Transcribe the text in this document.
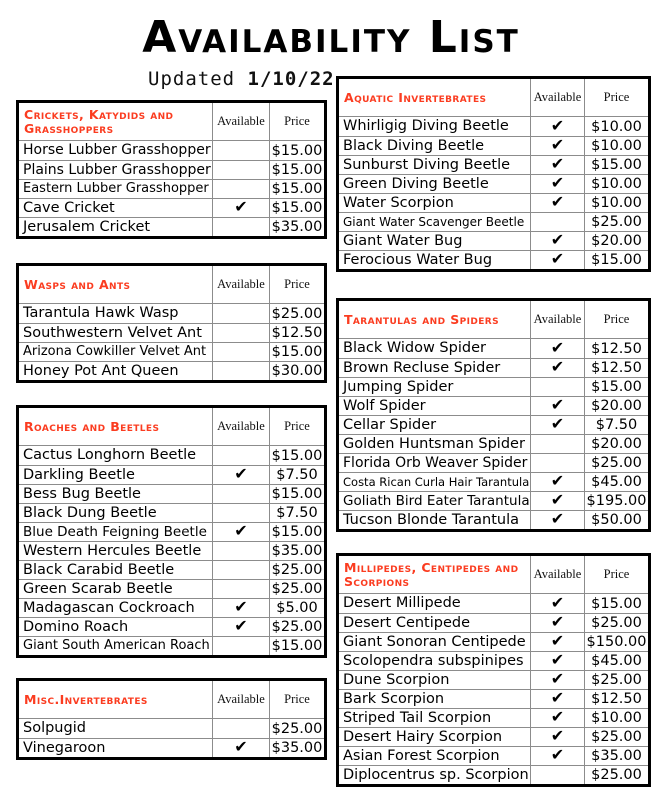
Availability List
Updated 1/10/22
Crickets, Katydids and Grasshoppers	Available	Price
Horse Lubber Grasshopper	$15.00
Plains Lubber Grasshopper	$15.00
Eastern Lubber Grasshopper	$15.00
Cave Cricket	✔ $15.00
Jerusalem Cricket	$35.00
Wasps and Ants	Available	Price
Tarantula Hawk Wasp	$25.00
Southwestern Velvet Ant	$12.50
Arizona Cowkiller Velvet Ant	$15.00
Honey Pot Ant Queen	$30.00
Roaches and Beetles	Available	Price
Cactus Longhorn Beetle	$15.00
Darkling Beetle	✔	$7.50
Bess Bug Beetle	$15.00
Black Dung Beetle	$7.50
Blue Death Feigning Beetle	✔ $15.00
Western Hercules Beetle	$35.00
Black Carabid Beetle	$25.00
Green Scarab Beetle	$25.00
Madagascan Cockroach	✔	$5.00
Domino Roach	✔ $25.00
Giant South American Roach	$15.00
Misc.Invertebrates	Available	Price
Solpugid	$25.00
Vinegaroon	✔ $35.00
Aquatic Invertebrates	Available	Price
Whirligig Diving Beetle	✔	$10.00
Black Diving Beetle	✔	$10.00
Sunburst Diving Beetle	✔	$15.00
Green Diving Beetle	✔	$10.00
Water Scorpion	✔	$10.00
Giant Water Scavenger Beetle	$25.00
Giant Water Bug	✔	$20.00
Ferocious Water Bug	✔	$15.00
Tarantulas and Spiders	Available	Price
Black Widow Spider	✔	$12.50
Brown Recluse Spider	✔	$12.50
Jumping Spider	$15.00
Wolf Spider	✔	$20.00
Cellar Spider	✔	$7.50
Golden Huntsman Spider	$20.00
Florida Orb Weaver Spider	$25.00
Costa Rican Curla Hair Tarantula ✔	$45.00
Goliath Bird Eater Tarantula ✔ $195.00
Tucson Blonde Tarantula	✔	$50.00
Millipedes, Centipedes and Scorpions	Available	Price
Desert Millipede	✔	$15.00
Desert Centipede	✔	$25.00
Giant Sonoran Centipede ✔ $150.00
Scolopendra subspinipes	✔	$45.00
Dune Scorpion	✔	$25.00
Bark Scorpion	✔	$12.50
Striped Tail Scorpion	✔	$10.00
Desert Hairy Scorpion	✔	$25.00
Asian Forest Scorpion	✔	$35.00
Diplocentrus sp. Scorpion	$25.00
